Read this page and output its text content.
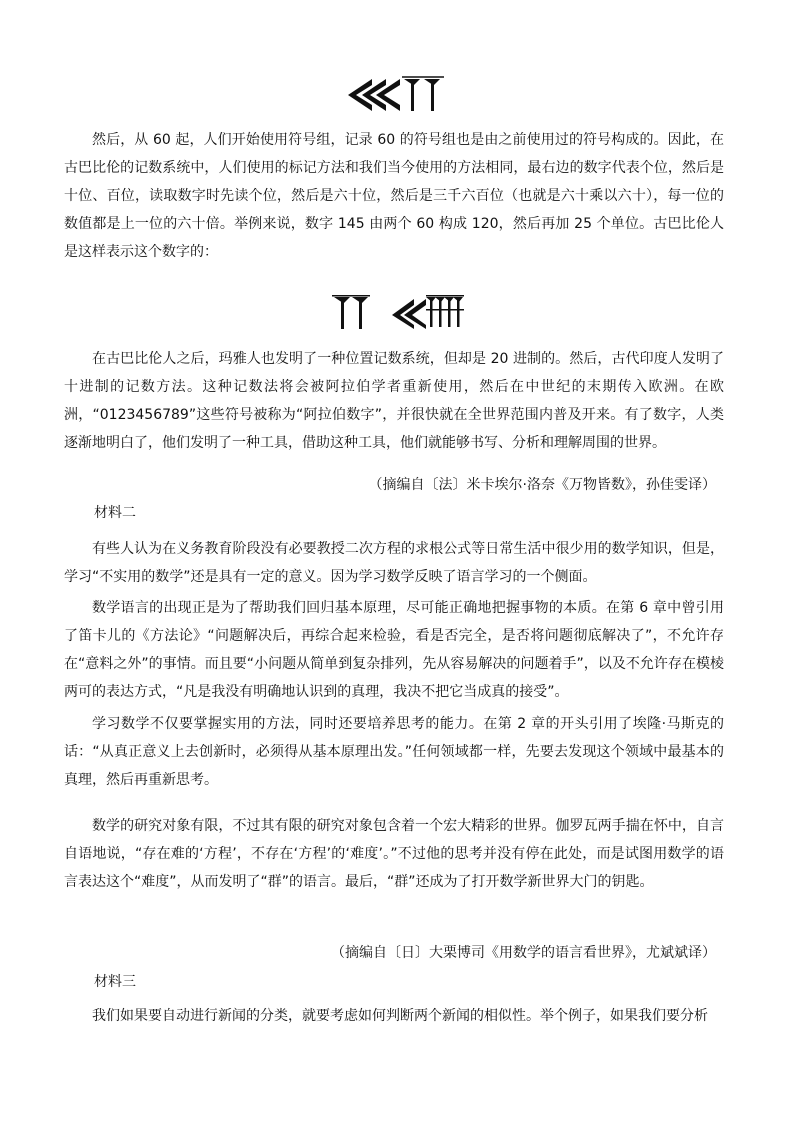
然后，从 60 起，人们开始使用符号组，记录 60 的符号组也是由之前使用过的符号构成的。因此，在古巴比伦的记数系统中，人们使用的标记方法和我们当今使用的方法相同，最右边的数字代表个位，然后是十位、百位，读取数字时先读个位，然后是六十位，然后是三千六百位（也就是六十乘以六十），每一位的数值都是上一位的六十倍。举例来说，数字 145 由两个 60 构成 120，然后再加 25 个单位。古巴比伦人是这样表示这个数字的：

在古巴比伦人之后，玛雅人也发明了一种位置记数系统，但却是 20 进制的。然后，古代印度人发明了十进制的记数方法。这种记数法将会被阿拉伯学者重新使用，然后在中世纪的末期传入欧洲。在欧洲，“0123456789”这些符号被称为“阿拉伯数字”，并很快就在全世界范围内普及开来。有了数字，人类逐渐地明白了，他们发明了一种工具，借助这种工具，他们就能够书写、分析和理解周围的世界。

（摘编自〔法〕米卡埃尔·洛奈《万物皆数》，孙佳雯译）

材料二

有些人认为在义务教育阶段没有必要教授二次方程的求根公式等日常生活中很少用的数学知识，但是，学习“不实用的数学”还是具有一定的意义。因为学习数学反映了语言学习的一个侧面。

数学语言的出现正是为了帮助我们回归基本原理，尽可能正确地把握事物的本质。在第 6 章中曾引用了笛卡儿的《方法论》“问题解决后，再综合起来检验，看是否完全，是否将问题彻底解决了”，不允许存在“意料之外”的事情。而且要“小问题从简单到复杂排列，先从容易解决的问题着手”，以及不允许存在模棱两可的表达方式，“凡是我没有明确地认识到的真理，我决不把它当成真的接受”。

学习数学不仅要掌握实用的方法，同时还要培养思考的能力。在第 2 章的开头引用了埃隆·马斯克的话：“从真正意义上去创新时，必须得从基本原理出发。”任何领域都一样，先要去发现这个领域中最基本的真理，然后再重新思考。

数学的研究对象有限，不过其有限的研究对象包含着一个宏大精彩的世界。伽罗瓦两手揣在怀中，自言自语地说，“存在难的‘方程’，不存在‘方程’的‘难度’。”不过他的思考并没有停在此处，而是试图用数学的语言表达这个“难度”，从而发明了“群”的语言。最后，“群”还成为了打开数学新世界大门的钥匙。

（摘编自〔日〕大栗博司《用数学的语言看世界》，尤斌斌译）

材料三

我们如果要自动进行新闻的分类，就要考虑如何判断两个新闻的相似性。举个例子，如果我们要分析
